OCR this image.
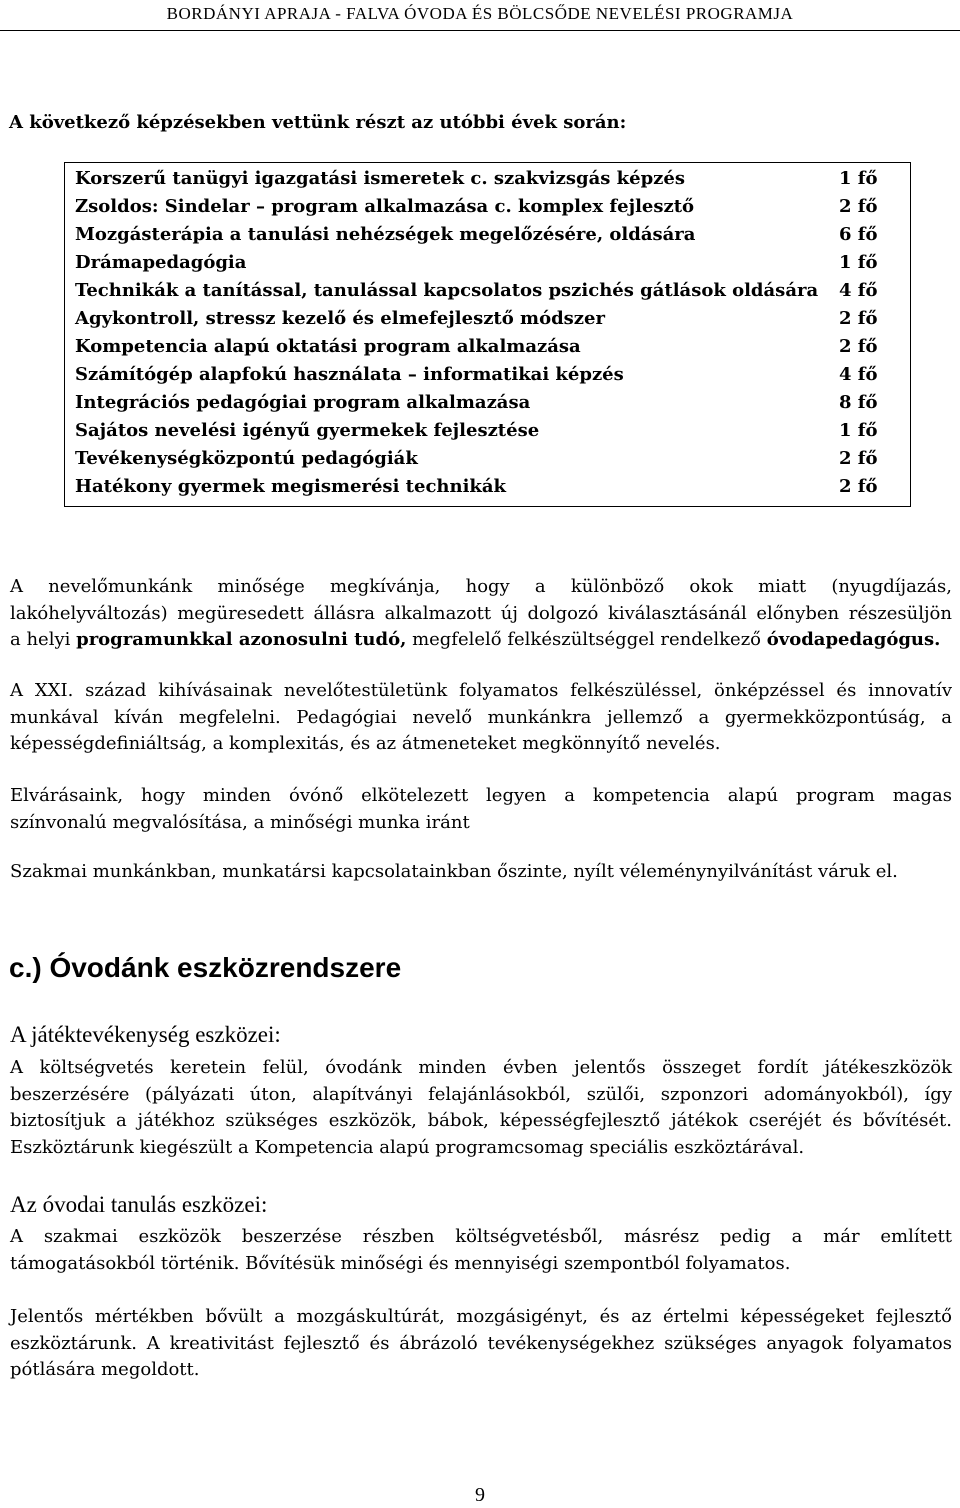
BORDÁNYI APRAJA - FALVA ÓVODA ÉS BÖLCSŐDE NEVELÉSI PROGRAMJA
A következő képzésekben vettünk részt az utóbbi évek során:
Korszerű tanügyi igazgatási ismeretek c. szakvizsgás képzés	1 fő
Zsoldos: Sindelar – program alkalmazása c. komplex fejlesztő	2 fő
Mozgásterápia a tanulási nehézségek megelőzésére, oldására	6 fő
Drámapedagógia	1 fő
Technikák a tanítással, tanulással kapcsolatos pszichés gátlások oldására 4 fő
Agykontroll, stressz kezelő és elmefejlesztő módszer	2 fő
Kompetencia alapú oktatási program alkalmazása	2 fő
Számítógép alapfokú használata – informatikai képzés	4 fő
Integrációs pedagógiai program alkalmazása	8 fő
Sajátos nevelési igényű gyermekek fejlesztése	1 fő
Tevékenységközpontú pedagógiák	2 fő
Hatékony gyermek megismerési technikák	2 fő
A nevelőmunkánk minősége megkívánja, hogy a különböző okok miatt (nyugdíjazás,
lakóhelyváltozás) megüresedett állásra alkalmazott új dolgozó kiválasztásánál előnyben részesüljön
a helyi programunkkal azonosulni tudó, megfelelő felkészültséggel rendelkező óvodapedagógus.
A XXI. század kihívásainak nevelőtestületünk folyamatos felkészüléssel, önképzéssel és innovatív
munkával kíván megfelelni. Pedagógiai nevelő munkánkra jellemző a gyermekközpontúság, a
képességdefiniáltság, a komplexitás, és az átmeneteket megkönnyítő nevelés.
Elvárásaink, hogy minden óvónő elkötelezett legyen a kompetencia alapú program magas
színvonalú megvalósítása, a minőségi munka iránt
Szakmai munkánkban, munkatársi kapcsolatainkban őszinte, nyílt véleménynyilvánítást váruk el.
c.) Óvodánk eszközrendszere
A játéktevékenység eszközei:
A költségvetés keretein felül, óvodánk minden évben jelentős összeget fordít játékeszközök
beszerzésére (pályázati úton, alapítványi felajánlásokból, szülői, szponzori adományokból), így
biztosítjuk a játékhoz szükséges eszközök, bábok, képességfejlesztő játékok cseréjét és bővítését.
Eszköztárunk kiegészült a Kompetencia alapú programcsomag speciális eszköztárával.
Az óvodai tanulás eszközei:
A szakmai eszközök beszerzése részben költségvetésből, másrész pedig a már említett
támogatásokból történik. Bővítésük minőségi és mennyiségi szempontból folyamatos.
Jelentős mértékben bővült a mozgáskultúrát, mozgásigényt, és az értelmi képességeket fejlesztő
eszköztárunk. A kreativitást fejlesztő és ábrázoló tevékenységekhez szükséges anyagok folyamatos
pótlására megoldott.
9
